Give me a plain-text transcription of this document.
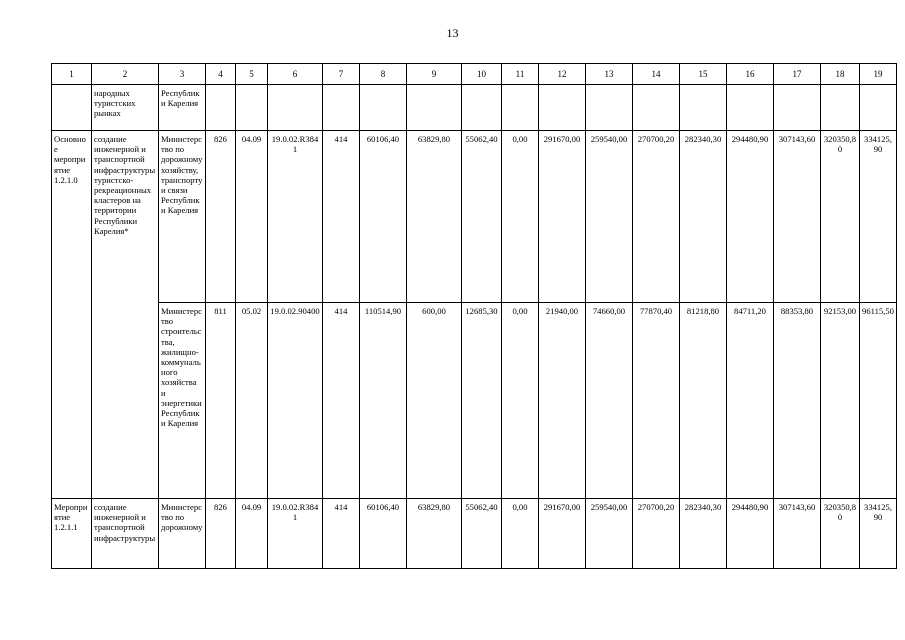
13
1	2	3	4	5	6	7	8	9	10	11	12	13	14	15	16	17	18	19
	народных туристских рынках	Республики Карелия																
Основное мероприятие 1.2.1.0	создание инженерной и транспортной инфраструктуры туристско-рекреационных кластеров на территории Республики Карелия*	Министерство по дорожному хозяйству, транспорту и связи Республики Карелия	826	04.09	19.0.02.R3841	414	60106,40	63829,80	55062,40	0,00	291670,00	259540,00	270700,20	282340,30	294480,90	307143,60	320350,80	334125,90
		Министерство строительства, жилищно-коммунального хозяйства и энергетики Республики Карелия	811	05.02	19.0.02.90400	414	110514,90	600,00	12685,30	0,00	21940,00	74660,00	77870,40	81218,80	84711,20	88353,80	92153,00	96115,50
Мероприятие 1.2.1.1	создание инженерной и транспортной инфраструктуры	Министерство по дорожному	826	04.09	19.0.02.R3841	414	60106,40	63829,80	55062,40	0,00	291670,00	259540,00	270700,20	282340,30	294480,90	307143,60	320350,80	334125,90
